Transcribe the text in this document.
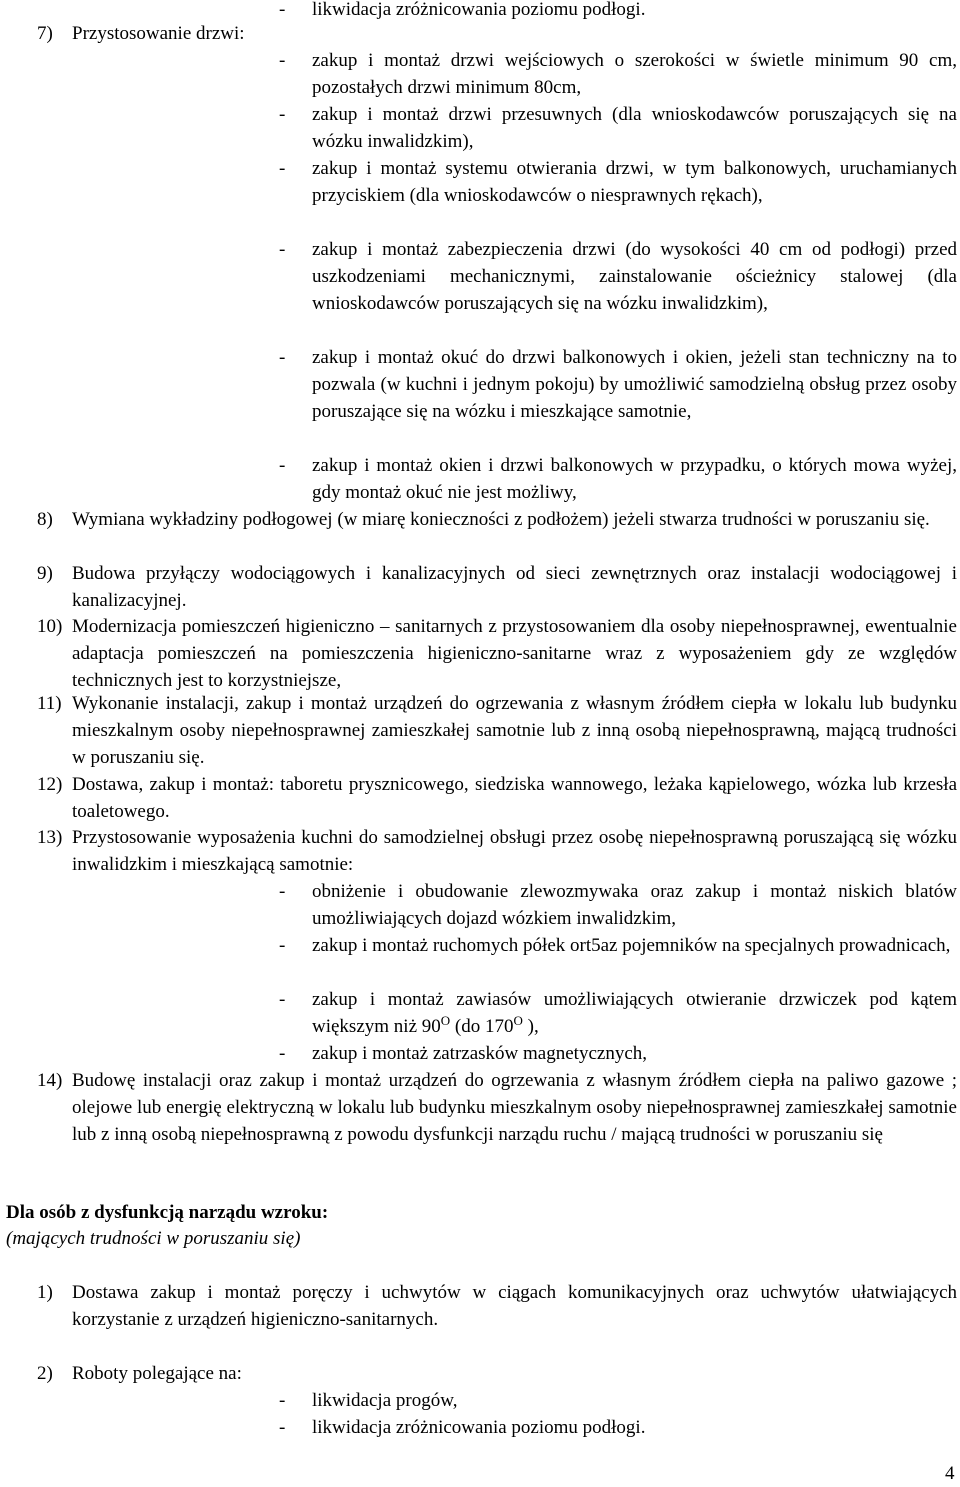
-	likwidacja zróżnicowania poziomu podłogi.
7) Przystosowanie drzwi:
-	zakup i montaż drzwi wejściowych o szerokości w świetle minimum 90 cm, pozostałych drzwi minimum 80cm,
-	zakup i montaż drzwi przesuwnych (dla wnioskodawców poruszających się na wózku inwalidzkim),
-	zakup i montaż systemu otwierania drzwi, w tym balkonowych, uruchamianych przyciskiem (dla wnioskodawców o niesprawnych rękach),
-	zakup i montaż zabezpieczenia drzwi (do wysokości 40 cm od podłogi) przed uszkodzeniami mechanicznymi, zainstalowanie ościeżnicy stalowej (dla wnioskodawców poruszających się na wózku inwalidzkim),
-	zakup i montaż okuć do drzwi balkonowych i okien, jeżeli stan techniczny na to pozwala (w kuchni i jednym pokoju) by umożliwić samodzielną obsług przez osoby poruszające się na wózku i mieszkające samotnie,
-	zakup i montaż okien i drzwi balkonowych w przypadku, o których mowa wyżej, gdy montaż okuć nie jest możliwy,
8) Wymiana wykładziny podłogowej (w miarę konieczności z podłożem) jeżeli stwarza trudności w poruszaniu się.
9) Budowa przyłączy wodociągowych i kanalizacyjnych od sieci zewnętrznych oraz instalacji wodociągowej i kanalizacyjnej.
10) Modernizacja pomieszczeń higieniczno – sanitarnych z przystosowaniem dla osoby niepełnosprawnej, ewentualnie adaptacja pomieszczeń na pomieszczenia higieniczno-sanitarne wraz z wyposażeniem gdy ze względów technicznych jest to korzystniejsze,
11) Wykonanie instalacji, zakup i montaż urządzeń do ogrzewania z własnym źródłem ciepła w lokalu lub budynku mieszkalnym osoby niepełnosprawnej zamieszkałej samotnie lub z inną osobą niepełnosprawną, mającą trudności w poruszaniu się.
12) Dostawa, zakup i montaż: taboretu prysznicowego, siedziska wannowego, leżaka kąpielowego, wózka lub krzesła toaletowego.
13) Przystosowanie wyposażenia kuchni do samodzielnej obsługi przez osobę niepełnosprawną poruszającą się wózku inwalidzkim i mieszkającą samotnie:
-	obniżenie i obudowanie zlewozmywaka oraz zakup i montaż niskich blatów umożliwiających dojazd wózkiem inwalidzkim,
-	zakup i montaż ruchomych półek ort5az pojemników na specjalnych prowadnicach,
-	zakup i montaż zawiasów umożliwiających otwieranie drzwiczek pod kątem większym niż $90^O$ (do $170^O$ ),
-	zakup i montaż zatrzasków magnetycznych,
14) Budowę instalacji oraz zakup i montaż urządzeń do ogrzewania z własnym źródłem ciepła na paliwo gazowe ; olejowe lub energię elektryczną w lokalu lub budynku mieszkalnym osoby niepełnosprawnej zamieszkałej samotnie lub z inną osobą niepełnosprawną z powodu dysfunkcji narządu ruchu / mającą trudności w poruszaniu się
Dla osób z dysfunkcją narządu wzroku:
(mających trudności w poruszaniu się)
1) Dostawa zakup i montaż poręczy i uchwytów w ciągach komunikacyjnych oraz uchwytów ułatwiających korzystanie z urządzeń higieniczno-sanitarnych.
2) Roboty polegające na:
-	likwidacja progów,
-	likwidacja zróżnicowania poziomu podłogi.
4
